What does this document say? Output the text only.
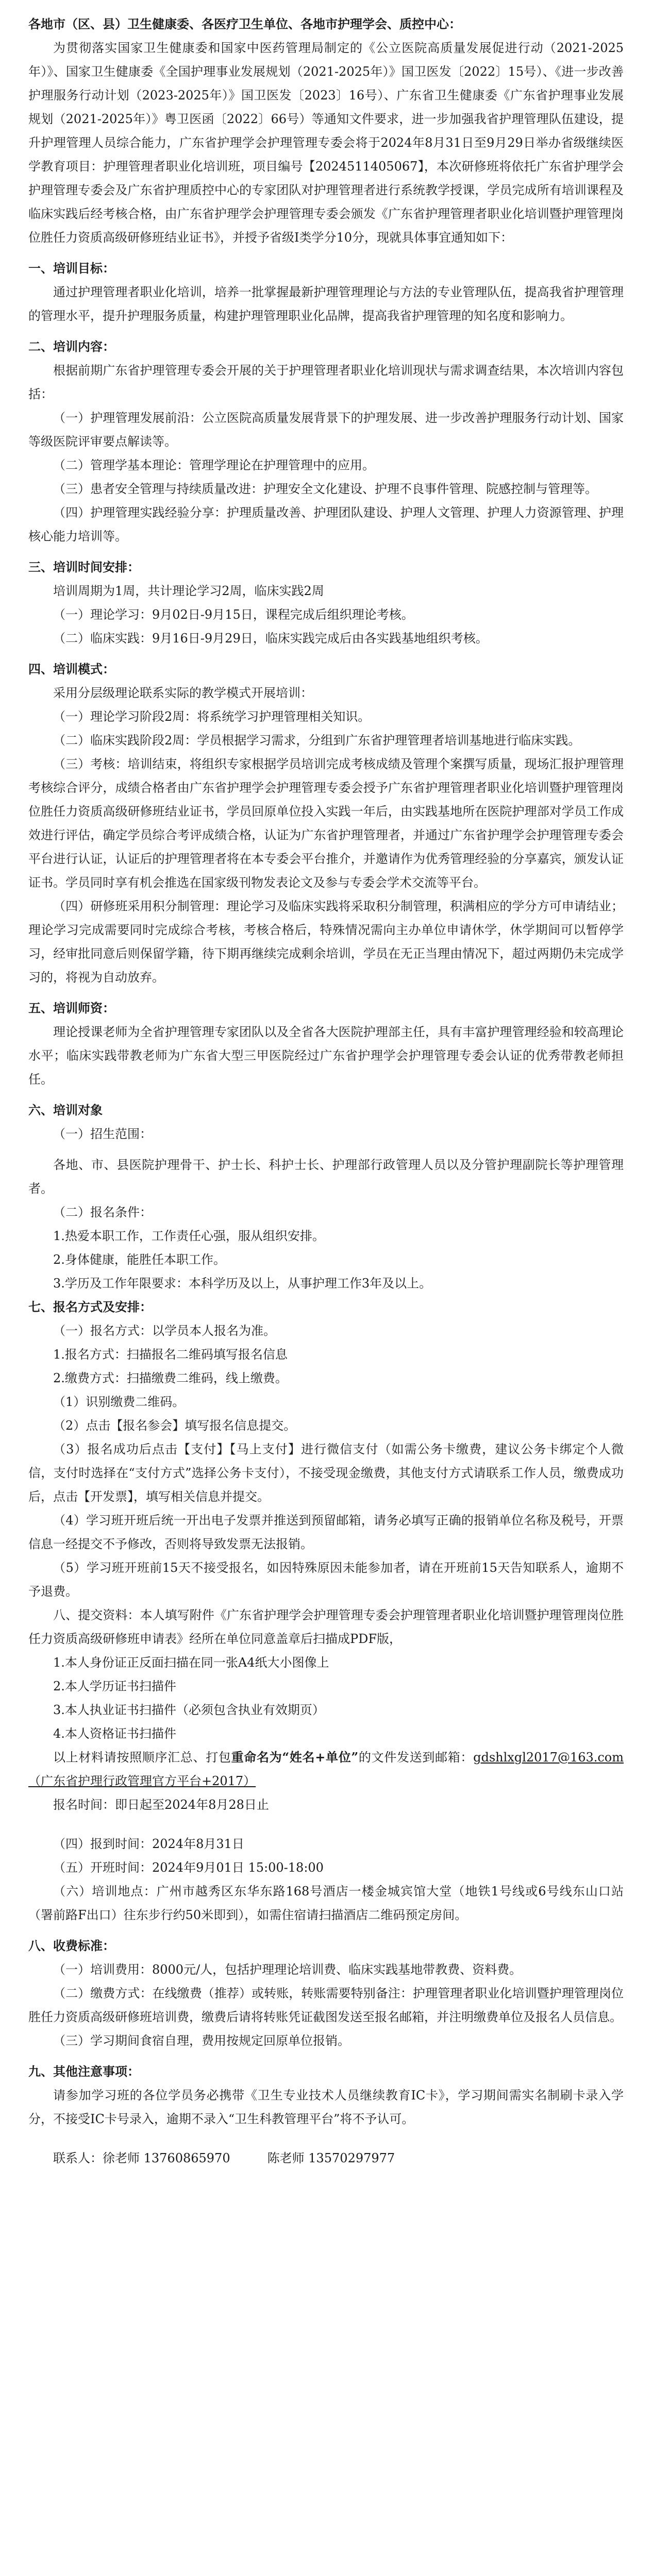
各地市（区、县）卫生健康委、各医疗卫生单位、各地市护理学会、质控中心：

为贯彻落实国家卫生健康委和国家中医药管理局制定的《公立医院高质量发展促进行动（2021-2025年）》、国家卫生健康委《全国护理事业发展规划（2021-2025年）》国卫医发〔2022〕15号）、《进一步改善护理服务行动计划（2023-2025年）》国卫医发〔2023〕16号）、广东省卫生健康委《广东省护理事业发展规划（2021-2025年）》粤卫医函〔2022〕66号）等通知文件要求，进一步加强我省护理管理队伍建设，提升护理管理人员综合能力，广东省护理学会护理管理专委会将于2024年8月31日至9月29日举办省级继续医学教育项目：护理管理者职业化培训班，项目编号【2024511405067】，本次研修班将依托广东省护理学会护理管理专委会及广东省护理质控中心的专家团队对护理管理者进行系统教学授课，学员完成所有培训课程及临床实践后经考核合格，由广东省护理学会护理管理专委会颁发《广东省护理管理者职业化培训暨护理管理岗位胜任力资质高级研修班结业证书》，并授予省级Ⅰ类学分10分，现就具体事宜通知如下：

一、培训目标：

通过护理管理者职业化培训，培养一批掌握最新护理管理理论与方法的专业管理队伍，提高我省护理管理的管理水平，提升护理服务质量，构建护理管理职业化品牌，提高我省护理管理的知名度和影响力。

二、培训内容：

根据前期广东省护理管理专委会开展的关于护理管理者职业化培训现状与需求调查结果，本次培训内容包括：

（一）护理管理发展前沿：公立医院高质量发展背景下的护理发展、进一步改善护理服务行动计划、国家等级医院评审要点解读等。

（二）管理学基本理论：管理学理论在护理管理中的应用。

（三）患者安全管理与持续质量改进：护理安全文化建设、护理不良事件管理、院感控制与管理等。

（四）护理管理实践经验分享：护理质量改善、护理团队建设、护理人文管理、护理人力资源管理、护理核心能力培训等。

三、培训时间安排：

培训周期为1周，共计理论学习2周，临床实践2周

（一）理论学习：9月02日-9月15日，课程完成后组织理论考核。

（二）临床实践：9月16日-9月29日，临床实践完成后由各实践基地组织考核。

四、培训模式：

采用分层级理论联系实际的教学模式开展培训：

（一）理论学习阶段2周：将系统学习护理管理相关知识。

（二）临床实践阶段2周：学员根据学习需求，分组到广东省护理管理者培训基地进行临床实践。

（三）考核：培训结束，将组织专家根据学员培训完成考核成绩及管理个案撰写质量，现场汇报护理管理考核综合评分，成绩合格者由广东省护理学会护理管理专委会授予广东省护理管理者职业化培训暨护理管理岗位胜任力资质高级研修班结业证书，学员回原单位投入实践一年后，由实践基地所在医院护理部对学员工作成效进行评估，确定学员综合考评成绩合格，认证为广东省护理管理者，并通过广东省护理学会护理管理专委会平台进行认证，认证后的护理管理者将在本专委会平台推介，并邀请作为优秀管理经验的分享嘉宾，颁发认证证书。学员同时享有机会推选在国家级刊物发表论文及参与专委会学术交流等平台。

（四）研修班采用积分制管理：理论学习及临床实践将采取积分制管理，积满相应的学分方可申请结业；理论学习完成需要同时完成综合考核，考核合格后，特殊情况需向主办单位申请休学，休学期间可以暂停学习，经审批同意后则保留学籍，待下期再继续完成剩余培训，学员在无正当理由情况下，超过两期仍未完成学习的，将视为自动放弃。

五、培训师资：

理论授课老师为全省护理管理专家团队以及全省各大医院护理部主任，具有丰富护理管理经验和较高理论水平；临床实践带教老师为广东省大型三甲医院经过广东省护理学会护理管理专委会认证的优秀带教老师担任。

六、培训对象

（一）招生范围：

各地、市、县医院护理骨干、护士长、科护士长、护理部行政管理人员以及分管护理副院长等护理管理者。

（二）报名条件：

1.热爱本职工作，工作责任心强，服从组织安排。

2.身体健康，能胜任本职工作。

3.学历及工作年限要求：本科学历及以上，从事护理工作3年及以上。

七、报名方式及安排：

（一）报名方式：以学员本人报名为准。

1.报名方式：扫描报名二维码填写报名信息

2.缴费方式：扫描缴费二维码，线上缴费。

（1）识别缴费二维码。

（2）点击【报名参会】填写报名信息提交。

（3）报名成功后点击【支付】【马上支付】进行微信支付（如需公务卡缴费，建议公务卡绑定个人微信，支付时选择在“支付方式”选择公务卡支付），不接受现金缴费，其他支付方式请联系工作人员，缴费成功后，点击【开发票】，填写相关信息并提交。

（4）学习班开班后统一开出电子发票并推送到预留邮箱，请务必填写正确的报销单位名称及税号，开票信息一经提交不予修改，否则将导致发票无法报销。

（5）学习班开班前15天不接受报名，如因特殊原因未能参加者，请在开班前15天告知联系人，逾期不予退费。

八、提交资料：本人填写附件《广东省护理学会护理管理专委会护理管理者职业化培训暨护理管理岗位胜任力资质高级研修班申请表》经所在单位同意盖章后扫描成PDF版，

1.本人身份证正反面扫描在同一张A4纸大小图像上

2.本人学历证书扫描件

3.本人执业证书扫描件（必须包含执业有效期页）

4.本人资格证书扫描件

以上材料请按照顺序汇总、打包重命名为“姓名+单位”的文件发送到邮箱：gdshlxgl2017@163.com（广东省护理行政管理官方平台+2017）

报名时间：即日起至2024年8月28日止

（四）报到时间：2024年8月31日

（五）开班时间：2024年9月01日 15:00-18:00

（六）培训地点：广州市越秀区东华东路168号酒店一楼金城宾馆大堂（地铁1号线或6号线东山口站（署前路F出口）往东步行约50米即到），如需住宿请扫描酒店二维码预定房间。

八、收费标准：

（一）培训费用：8000元/人，包括护理理论培训费、临床实践基地带教费、资料费。

（二）缴费方式：在线缴费（推荐）或转账，转账需要特别备注：护理管理者职业化培训暨护理管理岗位胜任力资质高级研修班培训费，缴费后请将转账凭证截图发送至报名邮箱，并注明缴费单位及报名人员信息。

（三）学习期间食宿自理，费用按规定回原单位报销。

九、其他注意事项：

请参加学习班的各位学员务必携带《卫生专业技术人员继续教育IC卡》，学习期间需实名制刷卡录入学分，不接受IC卡号录入，逾期不录入“卫生科教管理平台”将不予认可。

联系人：徐老师 13760865970　　　陈老师 13570297977
